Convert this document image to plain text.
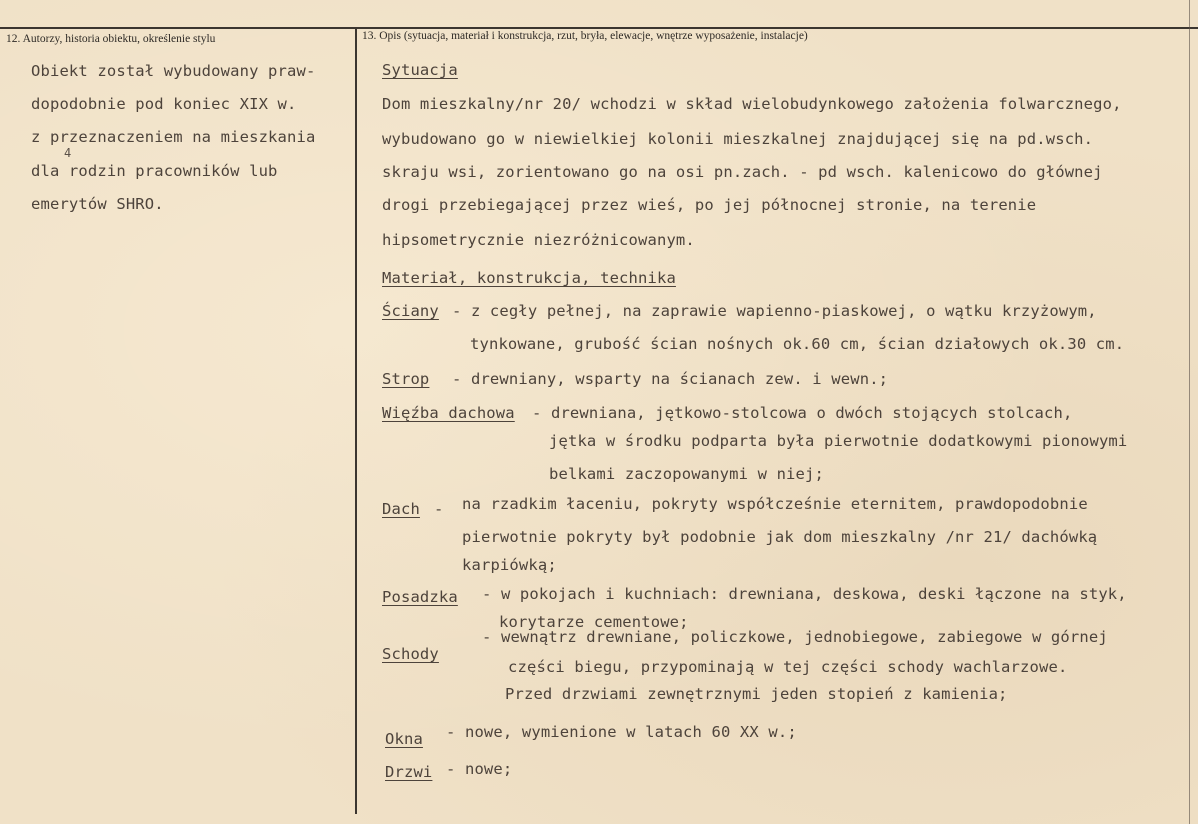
12. Autorzy, historia obiektu, określenie stylu	13. Opis (sytuacja, materiał i konstrukcja, rzut, bryła, elewacje, wnętrze wyposażenie, instalacje)
Obiekt został wybudowany praw-
dopodobnie pod koniec XIX w.
z przeznaczeniem na mieszkania
4
dla rodzin pracowników lub
emerytów SHRO.
Sytuacja
Dom mieszkalny/nr 20/ wchodzi w skład wielobudynkowego założenia folwarcznego,
wybudowano go w niewielkiej kolonii mieszkalnej znajdującej się na pd.wsch.
skraju wsi, zorientowano go na osi pn.zach. - pd wsch. kalenicowo do głównej
drogi przebiegającej przez wieś, po jej północnej stronie, na terenie
hipsometrycznie niezróżnicowanym.
Materiał, konstrukcja, technika
Ściany - z cegły pełnej, na zaprawie wapienno-piaskowej, o wątku krzyżowym,
tynkowane, grubość ścian nośnych ok.60 cm, ścian działowych ok.30 cm.
Strop - drewniany, wsparty na ścianach zew. i wewn.;
Więźba dachowa - drewniana, jętkowo-stolcowa o dwóch stojących stolcach,
jętka w środku podparta była pierwotnie dodatkowymi pionowymi
belkami zaczopowanymi w niej;
Dach - na rzadkim łaceniu, pokryty współcześnie eternitem, prawdopodobnie
pierwotnie pokryty był podobnie jak dom mieszkalny /nr 21/ dachówką
karpiówką;
Posadzka - w pokojach i kuchniach: drewniana, deskowa, deski łączone na styk,
korytarze cementowe;
Schody
- wewnątrz drewniane, policzkowe, jednobiegowe, zabiegowe w górnej
części biegu, przypominają w tej części schody wachlarzowe.
Przed drzwiami zewnętrznymi jeden stopień z kamienia;
Okna - nowe, wymienione w latach 60 XX w.;
Drzwi - nowe;
